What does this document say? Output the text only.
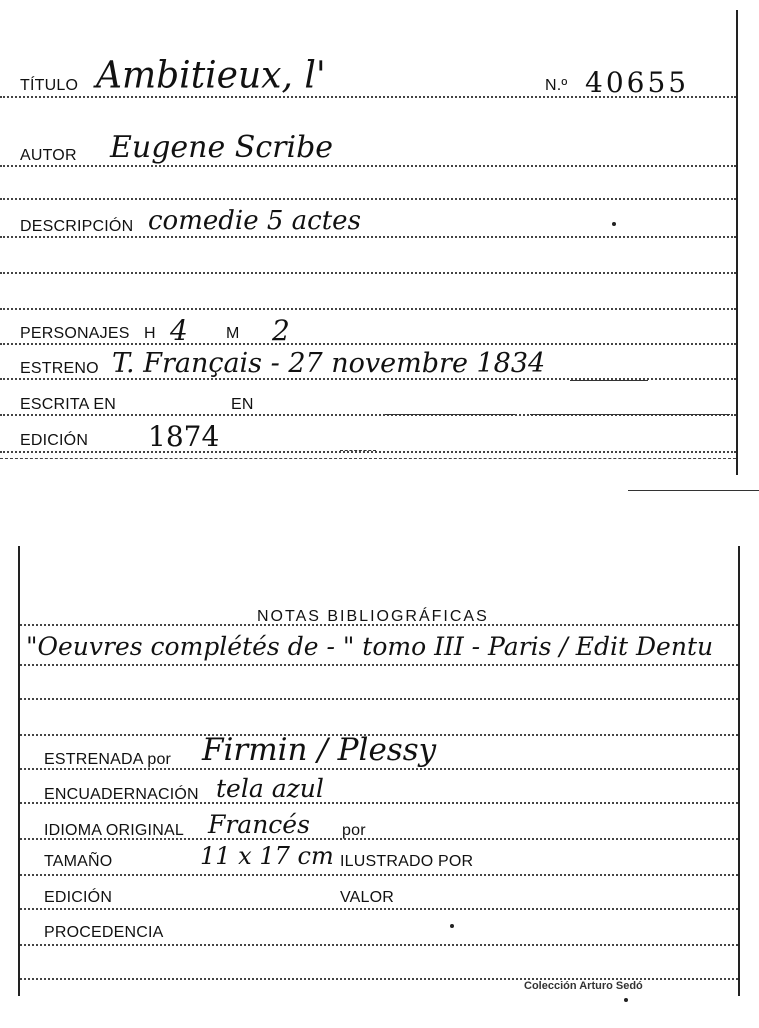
TÍTULO Ambitieux, l'	N.º 40655
AUTOR Eugene Scribe
DESCRIPCIÓN comedie 5 actes
PERSONAJES H 4 M 2
ESTRENO T. Français - 27 novembre 1834
ESCRITA EN	EN
EDICIÓN 1874
NOTAS BIBLIOGRÁFICAS
"Oeuvres complétés de - " tomo III - Paris / Edit Dentu
ESTRENADA por Firmin / Plessy
ENCUADERNACIÓN tela azul
IDIOMA ORIGINAL Francés por
TAMAÑO	11 x 17 cm ILUSTRADO POR
EDICIÓN	VALOR
PROCEDENCIA
Colección Arturo Sedó
